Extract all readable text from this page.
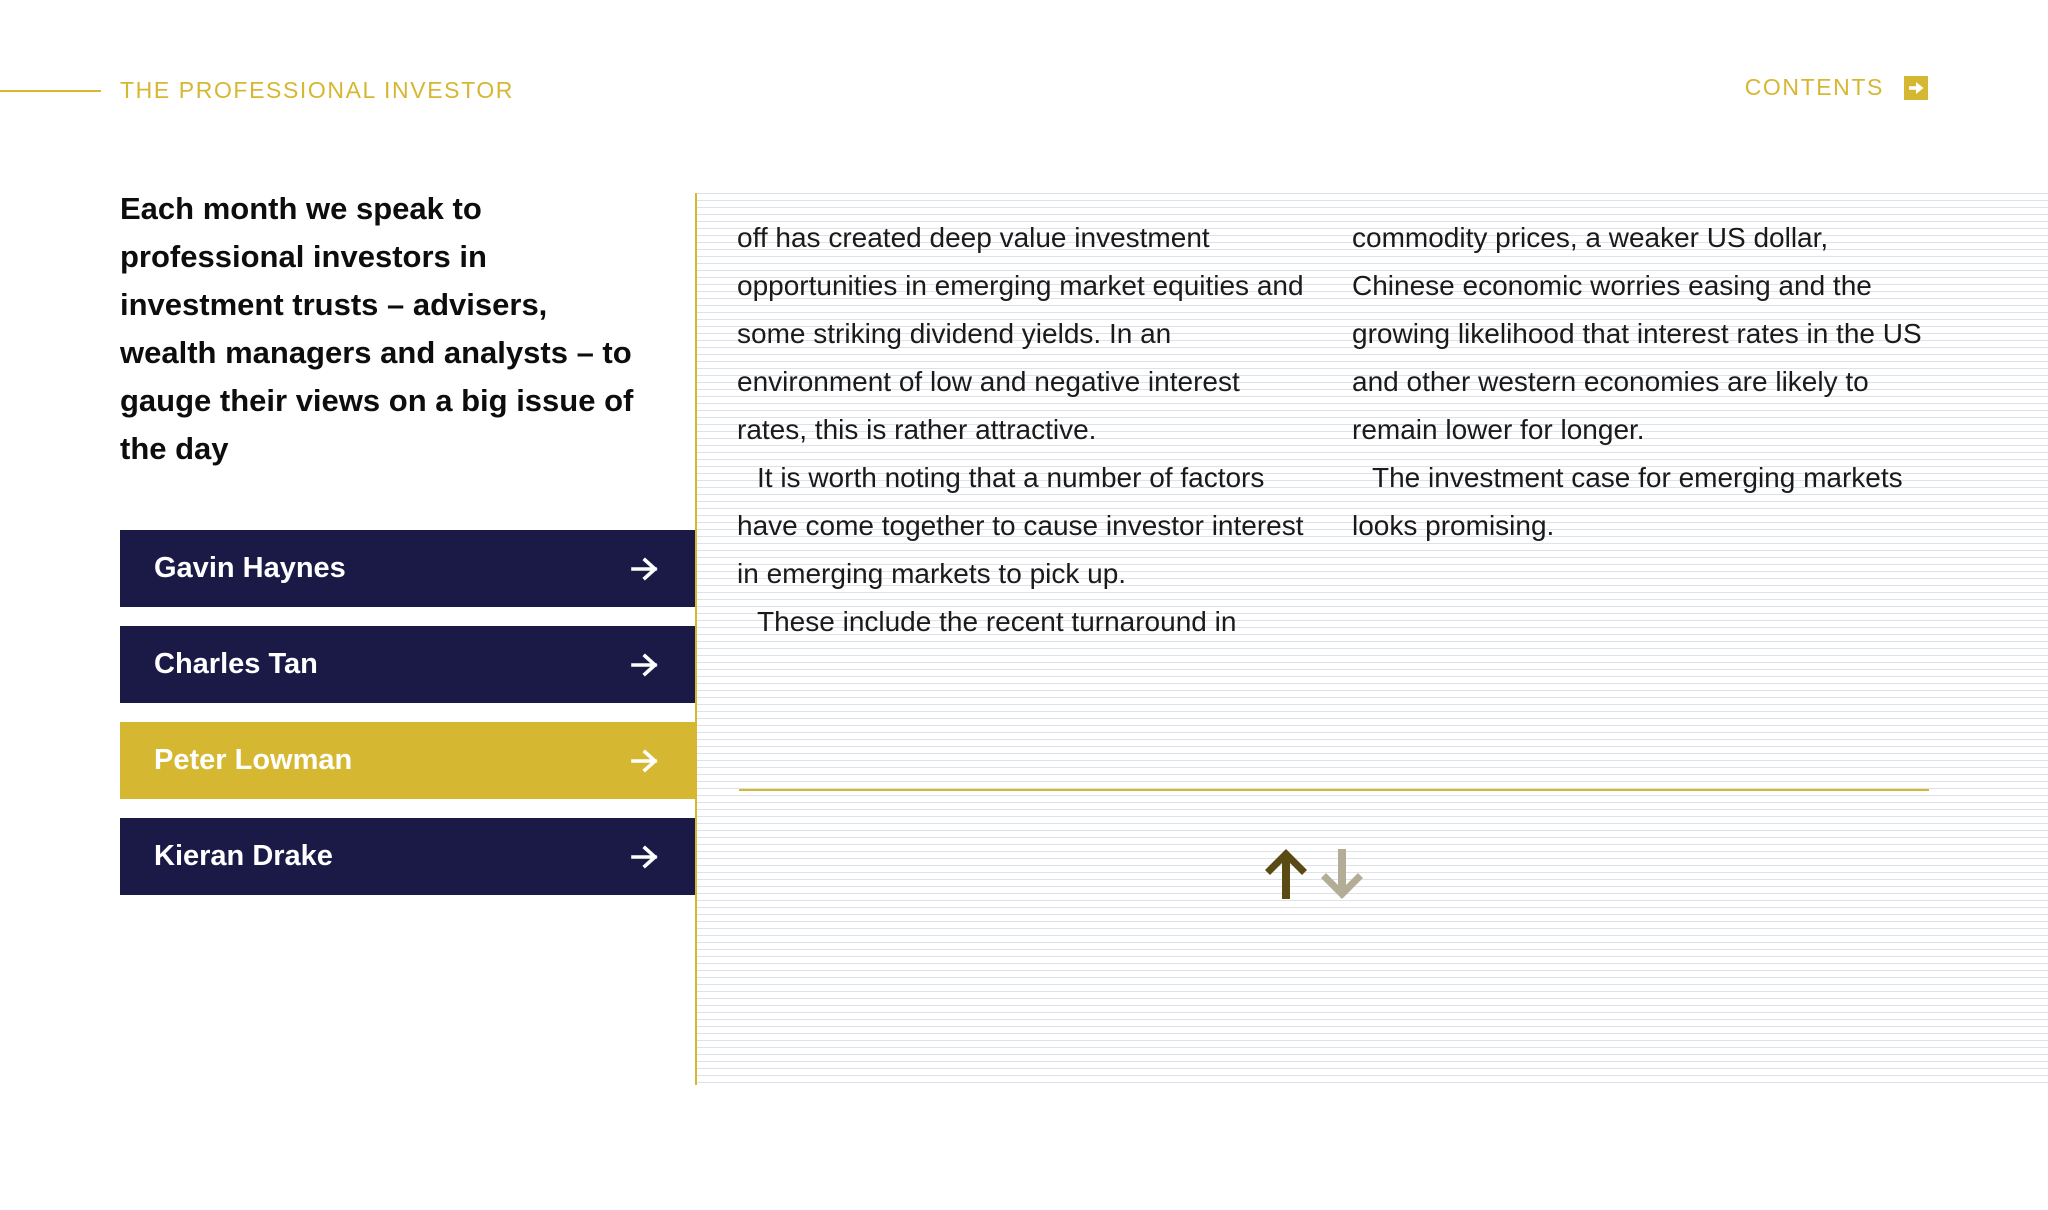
THE PROFESSIONAL INVESTOR	CONTENTS

Each month we speak to professional investors in investment trusts – advisers, wealth managers and analysts – to gauge their views on a big issue of the day

Gavin Haynes
Charles Tan
Peter Lowman
Kieran Drake

off has created deep value investment opportunities in emerging market equities and some striking dividend yields. In an environment of low and negative interest rates, this is rather attractive.

It is worth noting that a number of factors have come together to cause investor interest in emerging markets to pick up.

These include the recent turnaround in

commodity prices, a weaker US dollar, Chinese economic worries easing and the growing likelihood that interest rates in the US and other western economies are likely to remain lower for longer.

The investment case for emerging markets looks promising.
